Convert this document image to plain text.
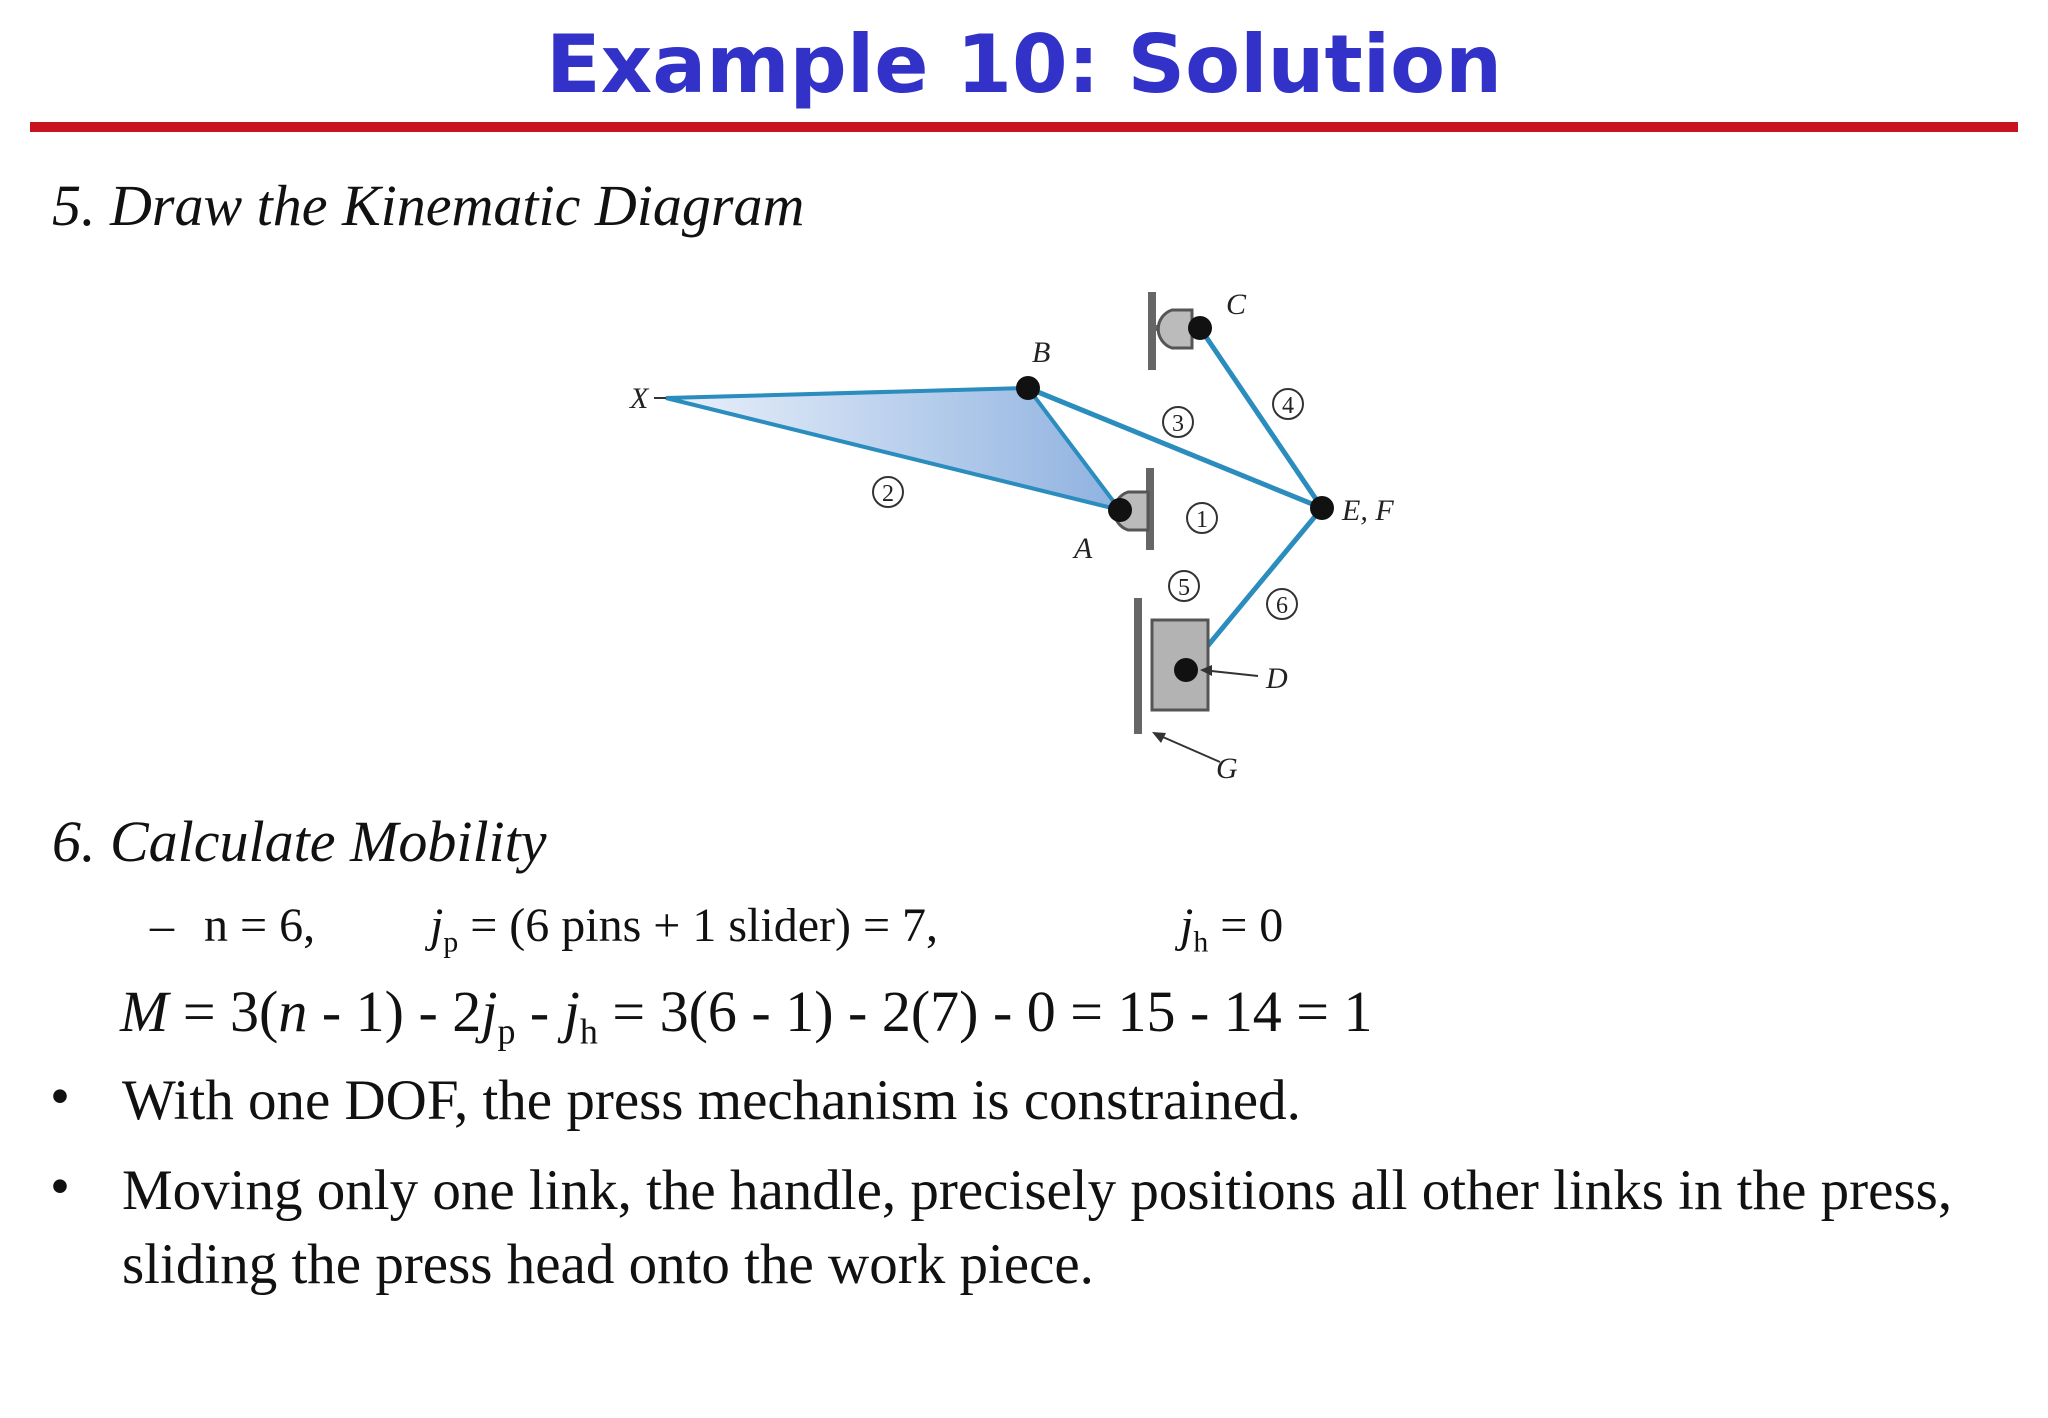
Example 10: Solution
5. Draw the Kinematic Diagram
2
3
4
1
5
6
X
B
A
C
E, F
D
G
6. Calculate Mobility
– n = 6, $j_p = (6$ pins + 1 slider) = 7,	$j_h = 0$
$M = 3(n - 1) - 2j_p - j_h = 3(6 - 1) - 2(7) - 0 = 15 - 14 = 1$
• With one DOF, the press mechanism is constrained.
• Moving only one link, the handle, precisely positions all other links in the press, sliding the press head onto the work piece.
